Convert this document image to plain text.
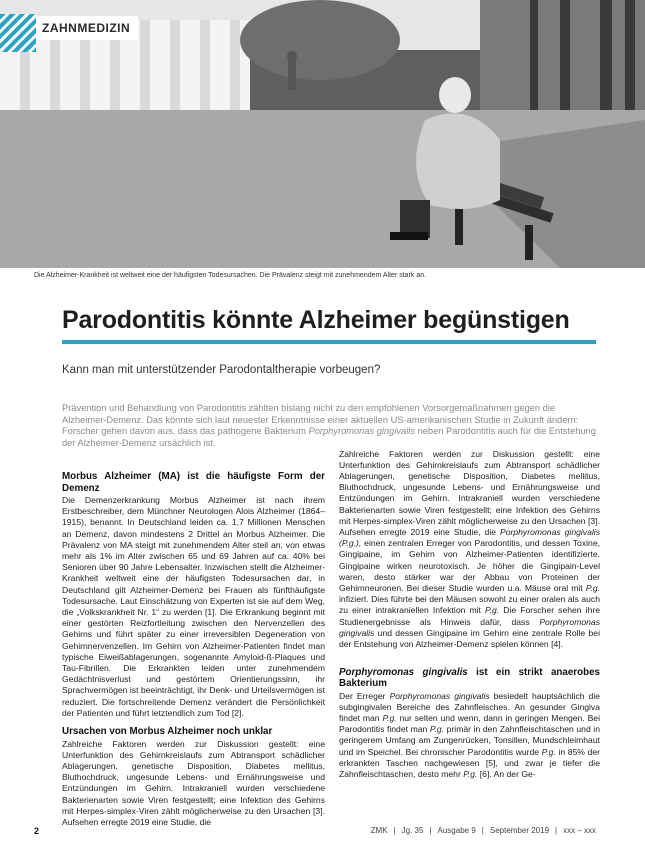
ZAHNMEDIZIN
Die Alzheimer-Krankheit ist weltweit eine der häufigsten Todesursachen. Die Prävalenz steigt mit zunehmendem Alter stark an.
Parodontitis könnte Alzheimer begünstigen
Kann man mit unterstützender Parodontaltherapie vorbeugen?

Prävention und Behandlung von Parodontitis zählten bislang nicht zu den empfohlenen Vorsorgemaßnahmen gegen die Alzheimer-Demenz. Das könnte sich laut neuester Erkenntnisse einer aktuellen US-amerikanischen Studie in Zukunft ändern: Forscher gehen davon aus, dass das pathogene Bakterium Porphyromonas gingivalis neben Parodontitis auch für die Entstehung der Alzheimer-Demenz ursächlich ist.

Morbus Alzheimer (MA) ist die häufigste Form der Demenz

Die Demenzerkrankung Morbus Alzheimer ist nach ihrem Erstbeschreiber, dem Münchner Neurologen Alois Alzheimer (1864–1915), benannt. In Deutschland leiden ca. 1,7 Millionen Menschen an Demenz, davon mindestens 2 Drittel an Morbus Alzheimer. Die Prävalenz von MA steigt mit zunehmendem Alter steil an, von etwas mehr als 1% im Alter zwischen 65 und 69 Jahren auf ca. 40% bei Senioren über 90 Jahre Lebensalter. Inzwischen stellt die Alzheimer-Krankheit weltweit eine der häufigsten Todesursachen dar, in Deutschland gilt Alzheimer-Demenz bei Frauen als fünfthäufigste Todesursache. Laut Einschätzung von Experten ist sie auf dem Weg, die „Volkskrankheit Nr. 1“ zu werden [1]. Die Erkrankung beginnt mit einer gestörten Reizfortleitung zwischen den Nervenzellen des Gehirns und führt später zu einer irreversiblen Degeneration von Gehirnnervenzellen. Im Gehirn von Alzheimer-Patienten findet man typische Eiweißablagerungen, sogenannte Amyloid-ß-Plaques und Tau-Fibrillen. Die Erkrankten leiden unter zunehmendem Gedächtnisverlust und gestörtem Orientierungssinn, ihr Sprachvermögen ist beeinträchtigt, ihr Denk- und Urteilsvermögen ist reduziert. Die fortschreitende Demenz verändert die Persönlichkeit der Patienten und führt letztendlich zum Tod [2].

Ursachen von Morbus Alzheimer noch unklar

Zahlreiche Faktoren werden zur Diskussion gestellt: eine Unterfunktion des Gehirnkreislaufs zum Abtransport schädlicher Ablagerungen, genetische Disposition, Diabetes mellitus, Bluthochdruck, ungesunde Lebens- und Ernährungsweise und Entzündungen im Gehirn. Intrakraniell wurden verschiedene Bakterienarten sowie Viren festgestellt; eine Infektion des Gehirns mit Herpes-simplex-Viren zählt möglicherweise zu den Ursachen [3]. Aufsehen erregte 2019 eine Studie, die

Zahlreiche Faktoren werden zur Diskussion gestellt: eine Unterfunktion des Gehirnkreislaufs zum Abtransport schädlicher Ablagerungen, genetische Disposition, Diabetes mellitus, Bluthochdruck, ungesunde Lebens- und Ernährungsweise und Entzündungen im Gehirn. Intrakraniell wurden verschiedene Bakterienarten sowie Viren festgestellt; eine Infektion des Gehirns mit Herpes-simplex-Viren zählt möglicherweise zu den Ursachen [3]. Aufsehen erregte 2019 eine Studie, die Porphyromonas gingivalis (P.g.), einen zentralen Erreger von Parodontitis, und dessen Toxine, Gingipaine, im Gehirn von Alzheimer-Patienten identifizierte. Gingipaine wirken neurotoxisch. Je höher die Gingipain-Level waren, desto stärker war der Abbau von Proteinen der Gehirnneuronen. Bei dieser Studie wurden u.a. Mäuse oral mit P.g. infiziert. Dies führte bei den Mäusen sowohl zu einer oralen als auch zu einer intrakraniellen Infektion mit P.g. Die Forscher sehen ihre Studienergebnisse als Hinweis dafür, dass Porphyromonas gingivalis und dessen Gingipaine im Gehirn eine zentrale Rolle bei der Entstehung von Alzheimer-Demenz spielen können [4].

Porphyromonas gingivalis ist ein strikt anaerobes Bakterium

Der Erreger Porphyromonas gingivalis besiedelt hauptsächlich die subgingivalen Bereiche des Zahnfleisches. An gesunder Gingiva findet man P.g. nur selten und wenn, dann in geringen Mengen. Bei Parodontitis findet man P.g. primär in den Zahnfleischtaschen und in geringerem Umfang am Zungenrücken, Tonsillen, Mundschleimhaut und im Speichel. Bei chronischer Parodontitis wurde P.g. in 85% der erkrankten Taschen nachgewiesen [5], und zwar je tiefer die Zahnfleischtaschen, desto mehr P.g. [6]. An der Ge-

2	ZMK | Jg. 35 | Ausgabe 9 | September 2019 | xxx – xxx
